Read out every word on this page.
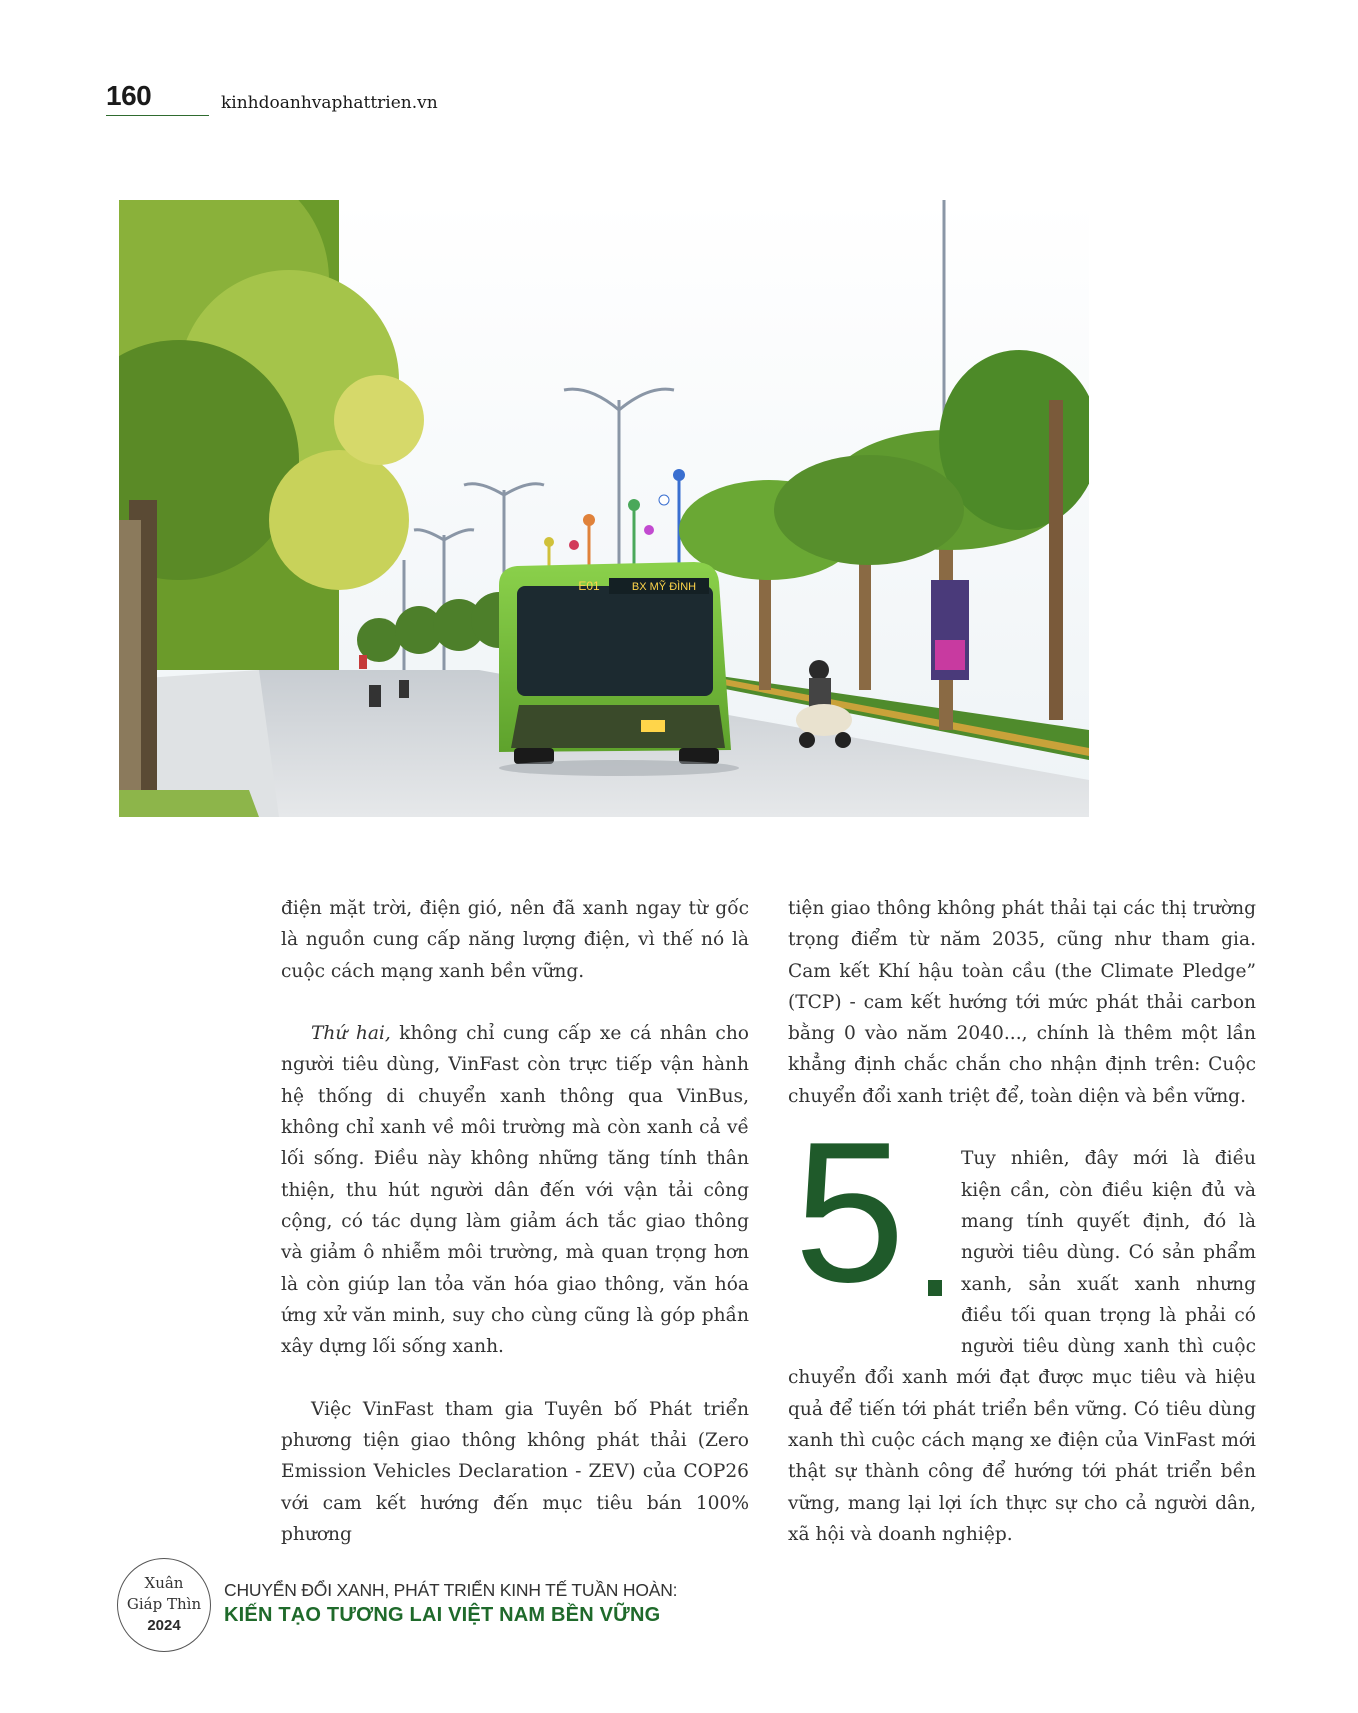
160	kinhdoanhvaphattrien.vn
BX MỸ ĐÌNH
E01

điện mặt trời, điện gió, nên đã xanh ngay từ gốc là nguồn cung cấp năng lượng điện, vì thế nó là cuộc cách mạng xanh bền vững.

Thứ hai, không chỉ cung cấp xe cá nhân cho người tiêu dùng, VinFast còn trực tiếp vận hành hệ thống di chuyển xanh thông qua VinBus, không chỉ xanh về môi trường mà còn xanh cả về lối sống. Điều này không những tăng tính thân thiện, thu hút người dân đến với vận tải công cộng, có tác dụng làm giảm ách tắc giao thông và giảm ô nhiễm môi trường, mà quan trọng hơn là còn giúp lan tỏa văn hóa giao thông, văn hóa ứng xử văn minh, suy cho cùng cũng là góp phần xây dựng lối sống xanh.

Việc VinFast tham gia Tuyên bố Phát triển phương tiện giao thông không phát thải (Zero Emission Vehicles Declaration - ZEV) của COP26 với cam kết hướng đến mục tiêu bán 100% phương

tiện giao thông không phát thải tại các thị trường trọng điểm từ năm 2035, cũng như tham gia. Cam kết Khí hậu toàn cầu (the Climate Pledge” (TCP) - cam kết hướng tới mức phát thải carbon bằng 0 vào năm 2040..., chính là thêm một lần khẳng định chắc chắn cho nhận định trên: Cuộc chuyển đổi xanh triệt để, toàn diện và bền vững.

5	Tuy nhiên, đây mới là điều kiện cần, còn điều kiện đủ và mang tính quyết định, đó là người tiêu dùng. Có sản phẩm xanh, sản xuất xanh nhưng điều tối quan trọng là phải có người tiêu dùng xanh thì cuộc chuyển đổi xanh mới đạt được mục tiêu và hiệu quả để tiến tới phát triển bền vững. Có tiêu dùng xanh thì cuộc cách mạng xe điện của VinFast mới thật sự thành công để hướng tới phát triển bền vững, mang lại lợi ích thực sự cho cả người dân, xã hội và doanh nghiệp.

Xuân
Giáp Thìn
2024
CHUYỂN ĐỔI XANH, PHÁT TRIỂN KINH TẾ TUẦN HOÀN:
KIẾN TẠO TƯƠNG LAI VIỆT NAM BỀN VỮNG
